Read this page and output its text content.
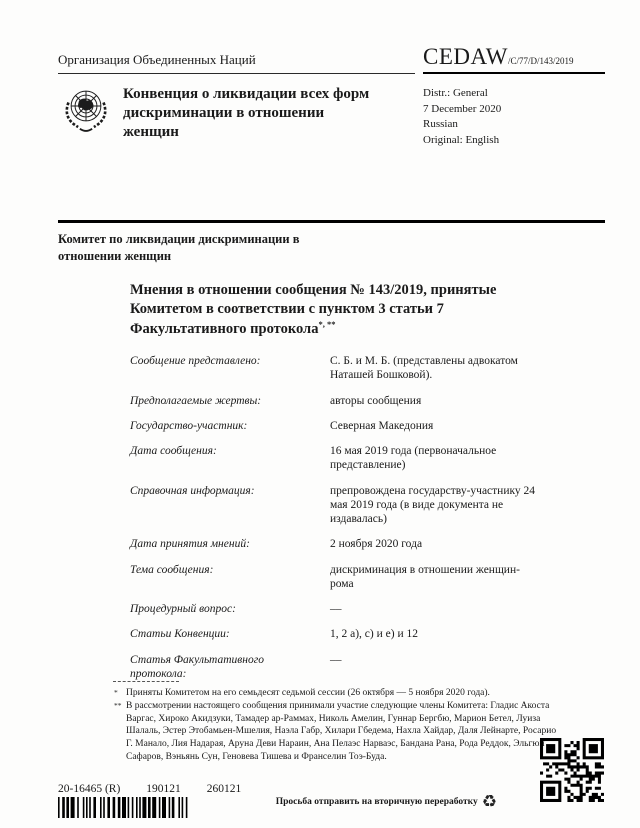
Организация Объединенных Наций	CEDAW/C/77/D/143/2019
Конвенция о ликвидации всех форм дискриминации в отношении женщин
Distr.: General
7 December 2020
Russian
Original: English
Комитет по ликвидации дискриминации в отношении женщин
Мнения в отношении сообщения № 143/2019, принятые Комитетом в соответствии с пунктом 3 статьи 7 Факультативного протокола*, **
Сообщение представлено:	С. Б. и М. Б. (представлены адвокатом Наташей Бошковой).
Предполагаемые жертвы:	авторы сообщения
Государство-участник:	Северная Македония
Дата сообщения:	16 мая 2019 года (первоначальное представление)
Справочная информация:	препровождена государству-участнику 24 мая 2019 года (в виде документа не издавалась)
Дата принятия мнений:	2 ноября 2020 года
Тема сообщения:	дискриминация в отношении женщин-рома
Процедурный вопрос:	––
Статьи Конвенции:	1, 2 а), с) и е) и 12
Статья Факультативного протокола:
––
* Приняты Комитетом на его семьдесят седьмой сессии (26 октября — 5 ноября 2020 года).
** В рассмотрении настоящего сообщения принимали участие следующие члены Комитета: Гладис Акоста Варгас, Хироко Акидзуки, Тамадер ар-Раммах, Николь Амелин, Гуннар Бергбю, Марион Бетел, Луиза Шалаль, Эстер Этобамьен-Мшелия, Наэла Габр, Хилари Гбедема, Нахла Хайдар, Даля Лейнарте, Росарио Г. Манало, Лия Надарая, Аруна Деви Нараин, Ана Пелаэс Нарваэс, Бандана Рана, Рода Реддок, Эльгюн Сафаров, Вэньянь Сун, Геновева Тишева и Франселин Тоэ-Буда.
20-16465 (R) 190121 260121
Просьба отправить на вторичную переработку ♻
